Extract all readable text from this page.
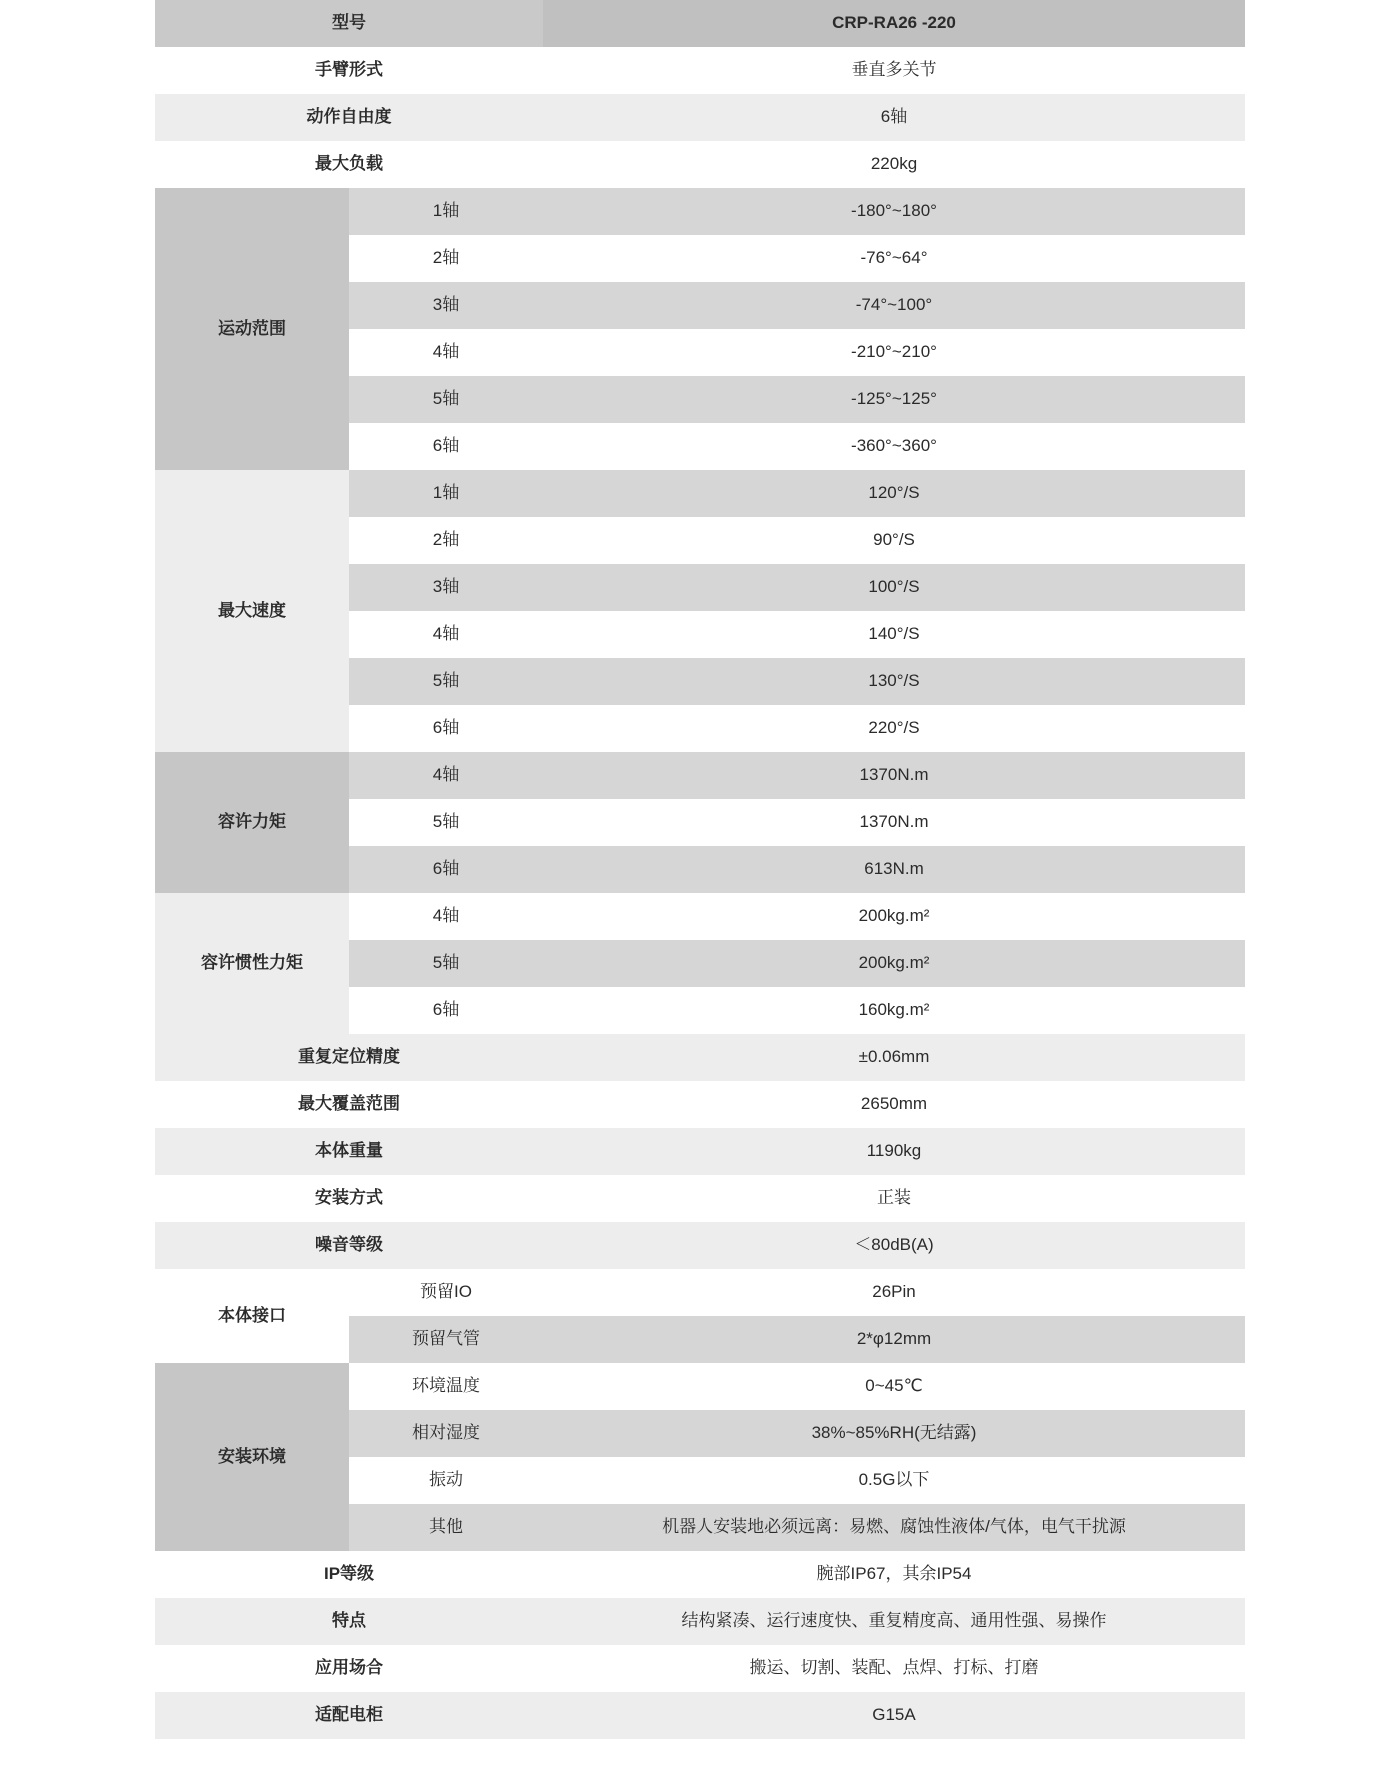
型号		CRP-RA26 -220
手臂形式		垂直多关节
动作自由度		6轴
最大负载		220kg
运动范围	1轴	-180°~180°
	2轴	-76°~64°
	3轴	-74°~100°
	4轴	-210°~210°
	5轴	-125°~125°
	6轴	-360°~360°
最大速度	1轴	120°/S
	2轴	90°/S
	3轴	100°/S
	4轴	140°/S
	5轴	130°/S
	6轴	220°/S
容许力矩	4轴	1370N.m
	5轴	1370N.m
	6轴	613N.m
容许惯性力矩	4轴	200kg.m²
	5轴	200kg.m²
	6轴	160kg.m²
重复定位精度		±0.06mm
最大覆盖范围		2650mm
本体重量		1190kg
安装方式		正装
噪音等级		＜80dB(A)
本体接口	预留IO	26Pin
	预留气管	2*φ12mm
安装环境	环境温度	0~45℃
	相对湿度	38%~85%RH(无结露)
	振动	0.5G以下
	其他	机器人安装地必须远离：易燃、腐蚀性液体/气体，电气干扰源
IP等级		腕部IP67，其余IP54
特点		结构紧凑、运行速度快、重复精度高、通用性强、易操作
应用场合		搬运、切割、装配、点焊、打标、打磨
适配电柜		G15A
